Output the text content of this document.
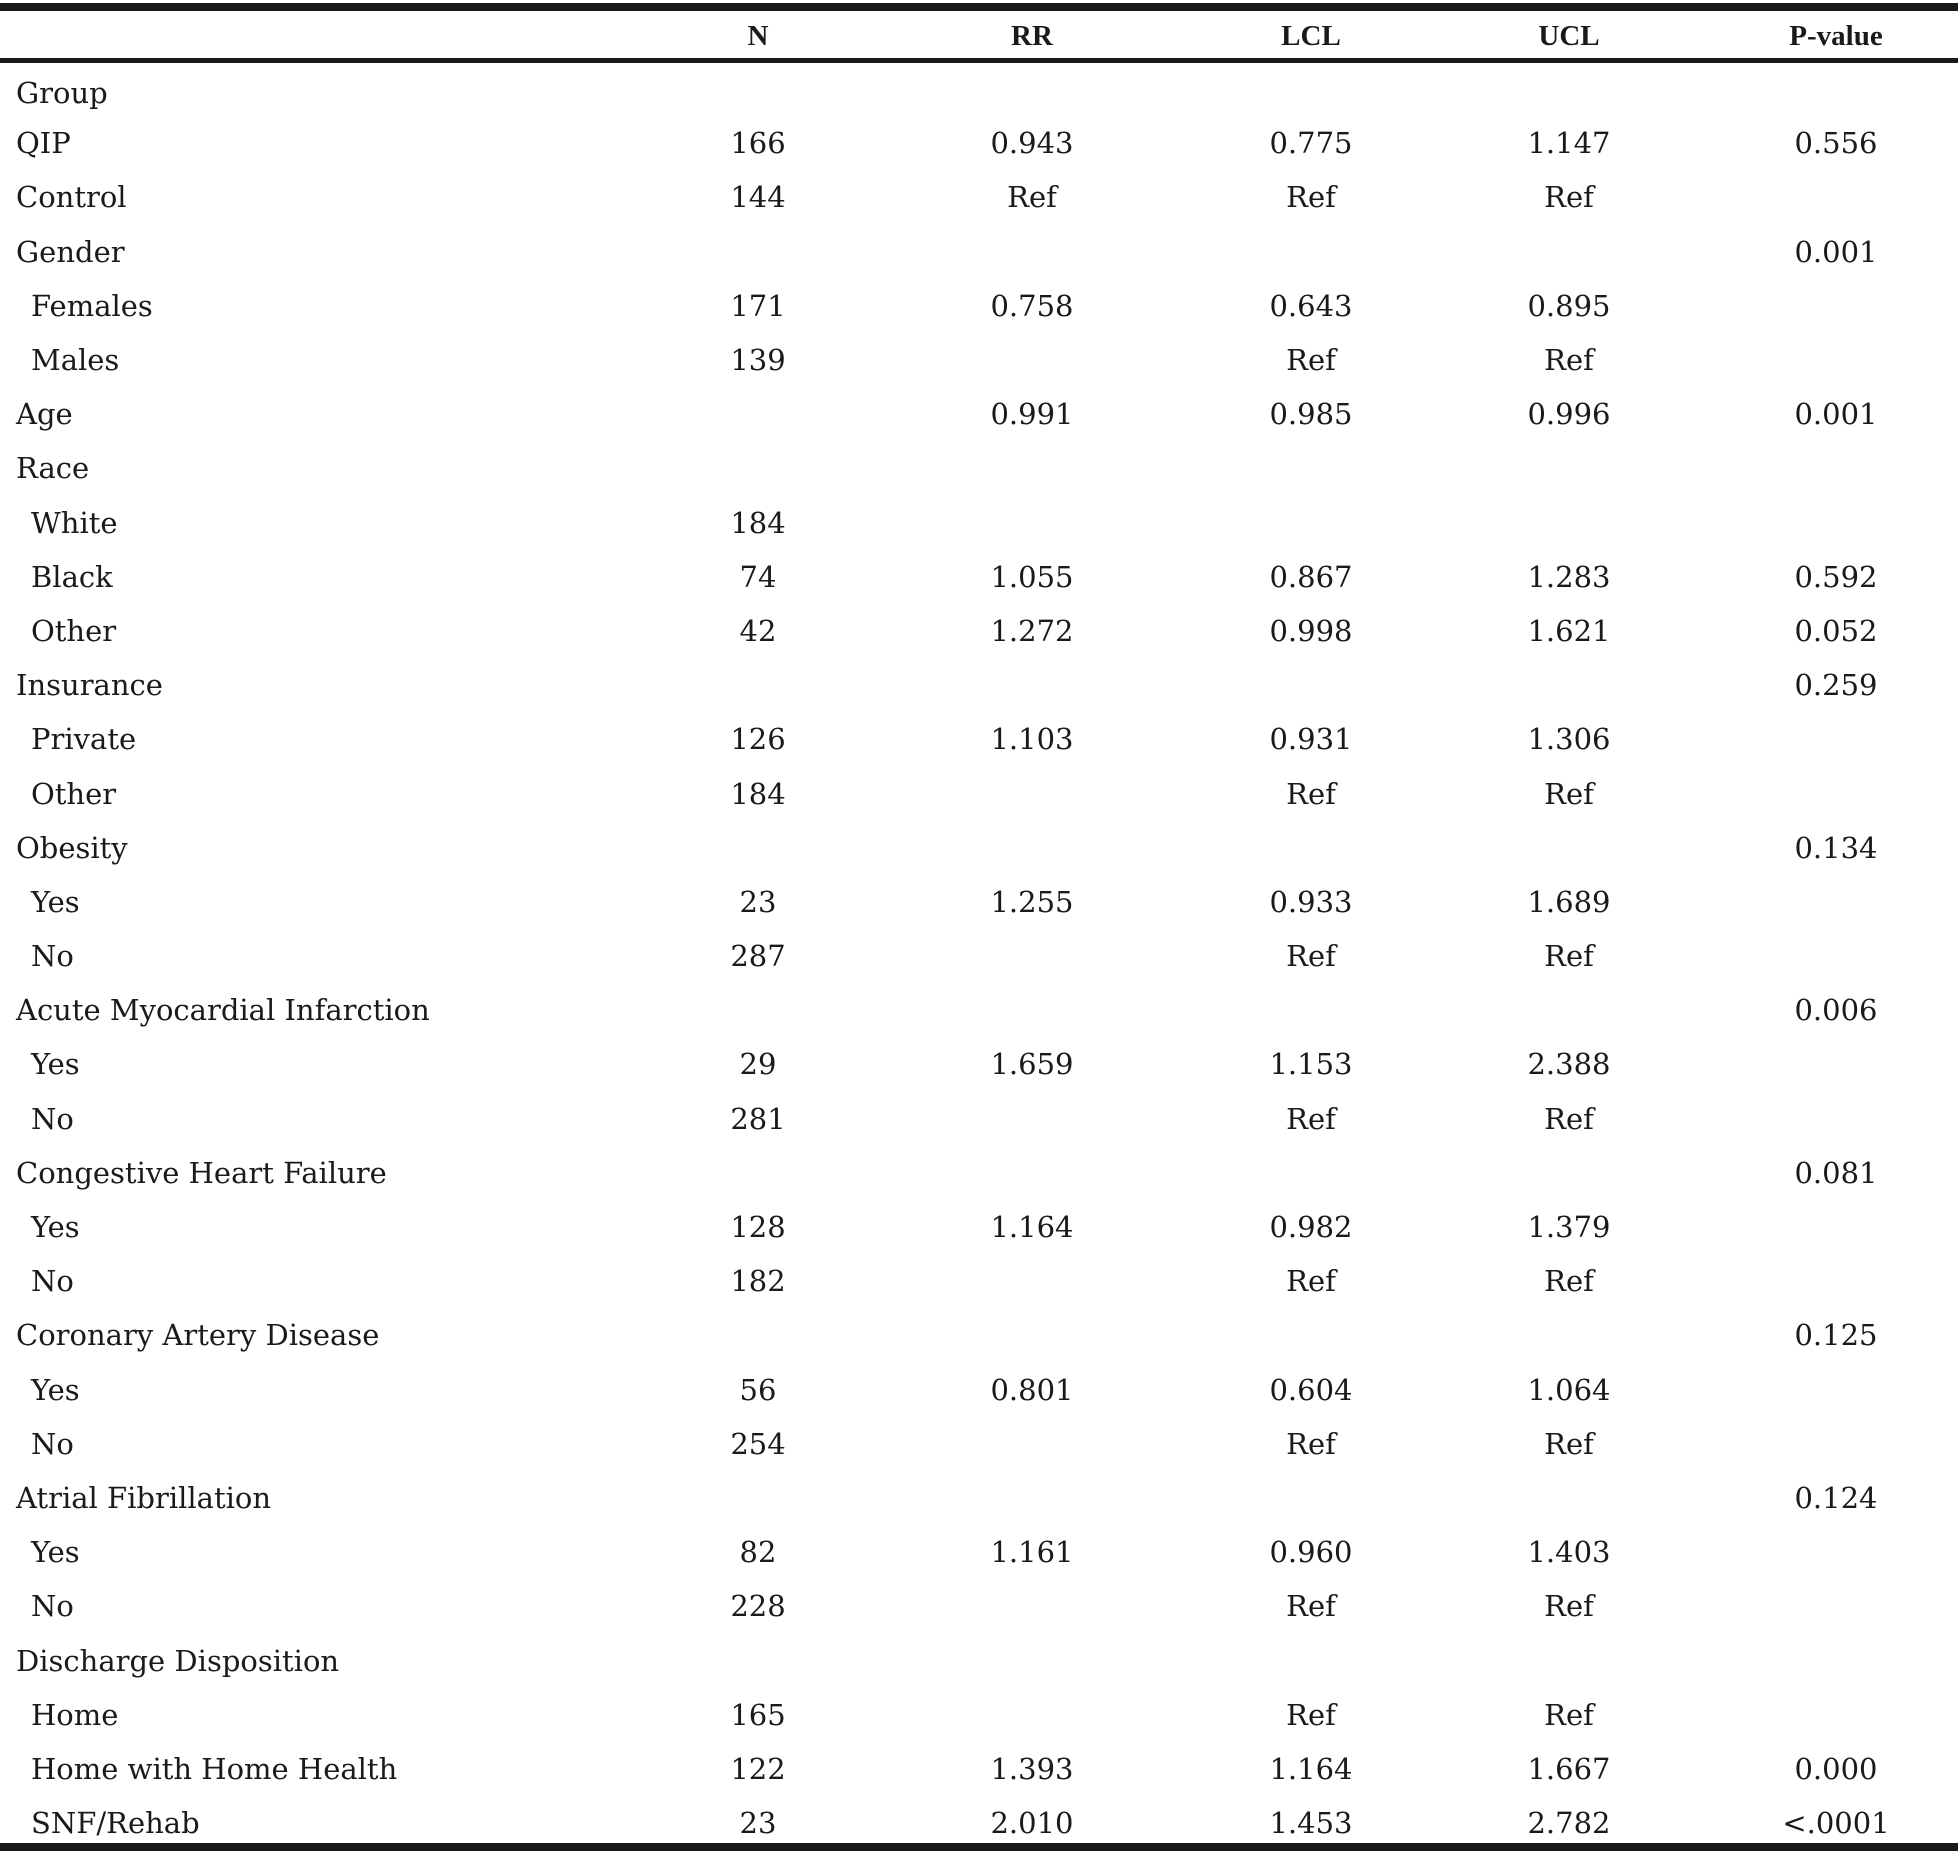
	N	RR	LCL	UCL	P-value
Group					
QIP	166	0.943	0.775	1.147	0.556
Control	144	Ref	Ref	Ref	
Gender					0.001
Females	171	0.758	0.643	0.895	
Males	139		Ref	Ref	
Age		0.991	0.985	0.996	0.001
Race					
White	184				
Black	74	1.055	0.867	1.283	0.592
Other	42	1.272	0.998	1.621	0.052
Insurance					0.259
Private	126	1.103	0.931	1.306	
Other	184		Ref	Ref	
Obesity					0.134
Yes	23	1.255	0.933	1.689	
No	287		Ref	Ref	
Acute Myocardial Infarction					0.006
Yes	29	1.659	1.153	2.388	
No	281		Ref	Ref	
Congestive Heart Failure					0.081
Yes	128	1.164	0.982	1.379	
No	182		Ref	Ref	
Coronary Artery Disease					0.125
Yes	56	0.801	0.604	1.064	
No	254		Ref	Ref	
Atrial Fibrillation					0.124
Yes	82	1.161	0.960	1.403	
No	228		Ref	Ref	
Discharge Disposition					
Home	165		Ref	Ref	
Home with Home Health	122	1.393	1.164	1.667	0.000
SNF/Rehab	23	2.010	1.453	2.782	<.0001
